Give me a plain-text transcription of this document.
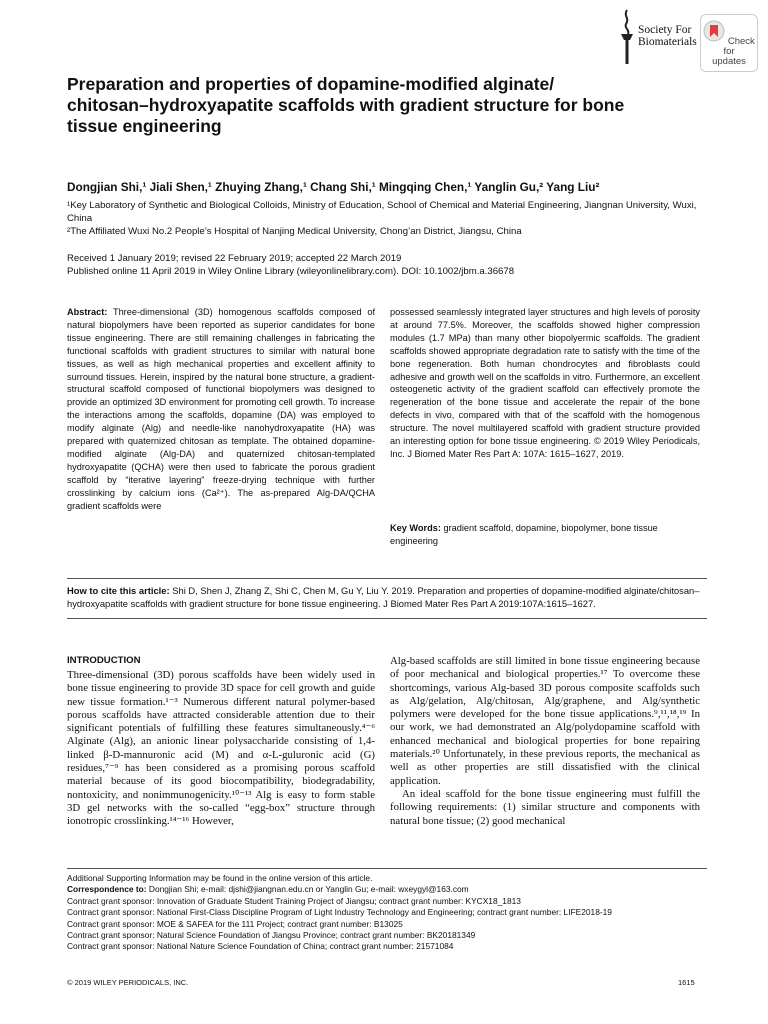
Society For
Biomaterials	Check for
updates
Preparation and properties of dopamine-modified alginate/ chitosan–hydroxyapatite scaffolds with gradient structure for bone tissue engineering
Dongjian Shi,¹ Jiali Shen,¹ Zhuying Zhang,¹ Chang Shi,¹ Mingqing Chen,¹ Yanglin Gu,² Yang Liu²
¹Key Laboratory of Synthetic and Biological Colloids, Ministry of Education, School of Chemical and Material Engineering, Jiangnan University, Wuxi, China
²The Affiliated Wuxi No.2 People’s Hospital of Nanjing Medical University, Chong’an District, Jiangsu, China
Received 1 January 2019; revised 22 February 2019; accepted 22 March 2019
Published online 11 April 2019 in Wiley Online Library (wileyonlinelibrary.com). DOI: 10.1002/jbm.a.36678
Abstract: Three-dimensional (3D) homogenous scaffolds composed of natural biopolymers have been reported as superior candidates for bone tissue engineering. There are still remaining challenges in fabricating the functional scaffolds with gradient structures to similar with natural bone tissues, as well as high mechanical properties and excellent affinity to surround tissues. Herein, inspired by the natural bone structure, a gradient-structural scaffold composed of functional biopolymers was designed to provide an optimized 3D environment for promoting cell growth. To increase the interactions among the scaffolds, dopamine (DA) was employed to modify alginate (Alg) and needle-like nanohydroxyapatite (HA) was prepared with quaternized chitosan as template. The obtained dopamine-modified alginate (Alg-DA) and quaternized chitosan-templated hydroxyapatite (QCHA) were then used to fabricate the porous gradient scaffold by “iterative layering” freeze-drying technique with further crosslinking by calcium ions (Ca²⁺). The as-prepared Alg-DA/QCHA gradient scaffolds were
possessed seamlessly integrated layer structures and high levels of porosity at around 77.5%. Moreover, the scaffolds showed higher compression modules (1.7 MPa) than many other biopolyermic scaffolds. The gradient scaffolds showed appropriate degradation rate to satisfy with the time of the bone regeneration. Both human chondrocytes and fibroblasts could adhesive and growth well on the scaffolds in vitro. Furthermore, an excellent osteogenetic activity of the gradient scaffold can effectively promote the regeneration of the bone tissue and accelerate the repair of the bone defects in vivo, compared with that of the scaffold with the homogenous structure. The novel multilayered scaffold with gradient structure provided an interesting option for bone tissue engineering. © 2019 Wiley Periodicals, Inc. J Biomed Mater Res Part A: 107A: 1615–1627, 2019.
Key Words: gradient scaffold, dopamine, biopolymer, bone tissue engineering
How to cite this article: Shi D, Shen J, Zhang Z, Shi C, Chen M, Gu Y, Liu Y. 2019. Preparation and properties of dopamine-modified alginate/chitosan–hydroxyapatite scaffolds with gradient structure for bone tissue engineering. J Biomed Mater Res Part A 2019:107A:1615–1627.
INTRODUCTION
Three-dimensional (3D) porous scaffolds have been widely used in bone tissue engineering to provide 3D space for cell growth and guide new tissue formation.¹⁻³ Numerous different natural polymer-based porous scaffolds have attracted considerable attention due to their significant potentials of fulfilling these features simultaneously.⁴⁻⁶ Alginate (Alg), an anionic linear polysaccharide consisting of 1,4-linked β-D-mannuronic acid (M) and α-L-guluronic acid (G) residues,⁷⁻⁹ has been considered as a promising porous scaffold material because of its good biocompatibility, biodegradability, nontoxicity, and nonimmunogenicity.¹⁰⁻¹³ Alg is easy to form stable 3D gel networks with the so-called “egg-box” structure through ionotropic crosslinking.¹⁴⁻¹⁶ However,
Alg-based scaffolds are still limited in bone tissue engineering because of poor mechanical and biological properties.¹⁷ To overcome these shortcomings, various Alg-based 3D porous composite scaffolds such as Alg/gelation, Alg/chitosan, Alg/graphene, and Alg/synthetic polymers were developed for the bone tissue applications.⁹,¹¹,¹⁸,¹⁹ In our work, we had demonstrated an Alg/polydopamine scaffold with enhanced mechanical and biological properties for bone repairing materials.²⁰ Unfortunately, in these previous reports, the mechanical as well as other properties are still dissatisfied with the clinical application.
An ideal scaffold for the bone tissue engineering must fulfill the following requirements: (1) similar structure and components with natural bone tissue; (2) good mechanical
Additional Supporting Information may be found in the online version of this article.
Correspondence to: Dongjian Shi; e-mail: djshi@jiangnan.edu.cn or Yanglin Gu; e-mail: wxeygyl@163.com
Contract grant sponsor: Innovation of Graduate Student Training Project of Jiangsu; contract grant number: KYCX18_1813
Contract grant sponsor: National First-Class Discipline Program of Light Industry Technology and Engineering; contract grant number: LIFE2018-19
Contract grant sponsor: MOE & SAFEA for the 111 Project; contract grant number: B13025
Contract grant sponsor: Natural Science Foundation of Jiangsu Province; contract grant number: BK20181349
Contract grant sponsor: National Nature Science Foundation of China; contract grant number: 21571084
© 2019 WILEY PERIODICALS, INC.	1615
